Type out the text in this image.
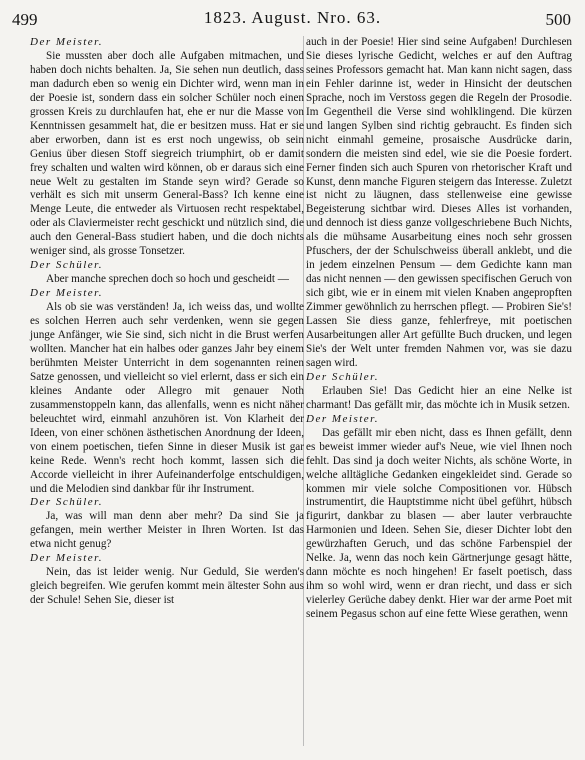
499	1823. August. Nro. 63.	500

Der Meister.

Sie mussten aber doch alle Aufgaben mitmachen, und haben doch nichts behalten. Ja, Sie sehen nun deutlich, dass man dadurch eben so wenig ein Dichter wird, wenn man in der Poesie ist, sondern dass ein solcher Schüler noch einen grossen Kreis zu durchlaufen hat, ehe er nur die Masse von Kenntnissen gesammelt hat, die er besitzen muss. Hat er sie aber erworben, dann ist es erst noch ungewiss, ob sein Genius über diesen Stoff siegreich triumphirt, ob er damit frey schalten und walten wird können, ob er daraus sich eine neue Welt zu gestalten im Stande seyn wird? Gerade so verhält es sich mit unserm General-Bass? Ich kenne eine Menge Leute, die entweder als Virtuosen recht respektabel, oder als Claviermeister recht geschickt und nützlich sind, die auch den General-Bass studiert haben, und die doch nichts weniger sind, als grosse Tonsetzer.

Der Schüler.

Aber manche sprechen doch so hoch und gescheidt —

Der Meister.

Als ob sie was verständen! Ja, ich weiss das, und wollte es solchen Herren auch sehr verdenken, wenn sie gegen junge Anfänger, wie Sie sind, sich nicht in die Brust werfen wollten. Mancher hat ein halbes oder ganzes Jahr bey einem berühmten Meister Unterricht in dem sogenannten reinen Satze genossen, und vielleicht so viel erlernt, dass er sich ein kleines Andante oder Allegro mit genauer Noth zusammenstoppeln kann, das allenfalls, wenn es nicht näher beleuchtet wird, einmahl anzuhören ist. Von Klarheit der Ideen, von einer schönen ästhetischen Anordnung der Ideen, von einem poetischen, tiefen Sinne in dieser Musik ist gar keine Rede. Wenn's recht hoch kommt, lassen sich die Accorde vielleicht in ihrer Aufeinanderfolge entschuldigen, und die Melodien sind dankbar für ihr Instrument.

Der Schüler.

Ja, was will man denn aber mehr? Da sind Sie ja gefangen, mein werther Meister in Ihren Worten. Ist das etwa nicht genug?

Der Meister.

Nein, das ist leider wenig. Nur Geduld, Sie werden's gleich begreifen. Wie gerufen kommt mein ältester Sohn aus der Schule! Sehen Sie, dieser ist

auch in der Poesie! Hier sind seine Aufgaben! Durchlesen Sie dieses lyrische Gedicht, welches er auf den Auftrag seines Professors gemacht hat. Man kann nicht sagen, dass ein Fehler darinne ist, weder in Hinsicht der deutschen Sprache, noch im Verstoss gegen die Regeln der Prosodie. Im Gegentheil die Verse sind wohlklingend. Die kürzen und langen Sylben sind richtig gebraucht. Es finden sich nicht einmahl gemeine, prosaische Ausdrücke darin, sondern die meisten sind edel, wie sie die Poesie fordert. Ferner finden sich auch Spuren von rhetorischer Kraft und Kunst, denn manche Figuren steigern das Interesse. Zuletzt ist nicht zu läugnen, dass stellenweise eine gewisse Begeisterung sichtbar wird. Dieses Alles ist vorhanden, und dennoch ist diess ganze vollgeschriebene Buch Nichts, als die mühsame Ausarbeitung eines noch sehr grossen Pfuschers, der der Schulschweiss überall anklebt, und die in jedem einzelnen Pensum — dem Gedichte kann man das nicht nennen — den gewissen specifischen Geruch von sich gibt, wie er in einem mit vielen Knaben angepropften Zimmer gewöhnlich zu herrschen pflegt. — Probiren Sie's! Lassen Sie diess ganze, fehlerfreye, mit poetischen Ausarbeitungen aller Art gefüllte Buch drucken, und legen Sie's der Welt unter fremden Nahmen vor, was sie dazu sagen wird.

Der Schüler.

Erlauben Sie! Das Gedicht hier an eine Nelke ist charmant! Das gefällt mir, das möchte ich in Musik setzen.

Der Meister.

Das gefällt mir eben nicht, dass es Ihnen gefällt, denn es beweist immer wieder auf's Neue, wie viel Ihnen noch fehlt. Das sind ja doch weiter Nichts, als schöne Worte, in welche alltägliche Gedanken eingekleidet sind. Gerade so kommen mir viele solche Compositionen vor. Hübsch instrumentirt, die Hauptstimme nicht übel geführt, hübsch figurirt, dankbar zu blasen — aber lauter verbrauchte Harmonien und Ideen. Sehen Sie, dieser Dichter lobt den gewürzhaften Geruch, und das schöne Farbenspiel der Nelke. Ja, wenn das noch kein Gärtnerjunge gesagt hätte, dann möchte es noch hingehen! Er faselt poetisch, dass ihm so wohl wird, wenn er dran riecht, und dass er sich vielerley Gerüche dabey denkt. Hier war der arme Poet mit seinem Pegasus schon auf eine fette Wiese gerathen, wenn
